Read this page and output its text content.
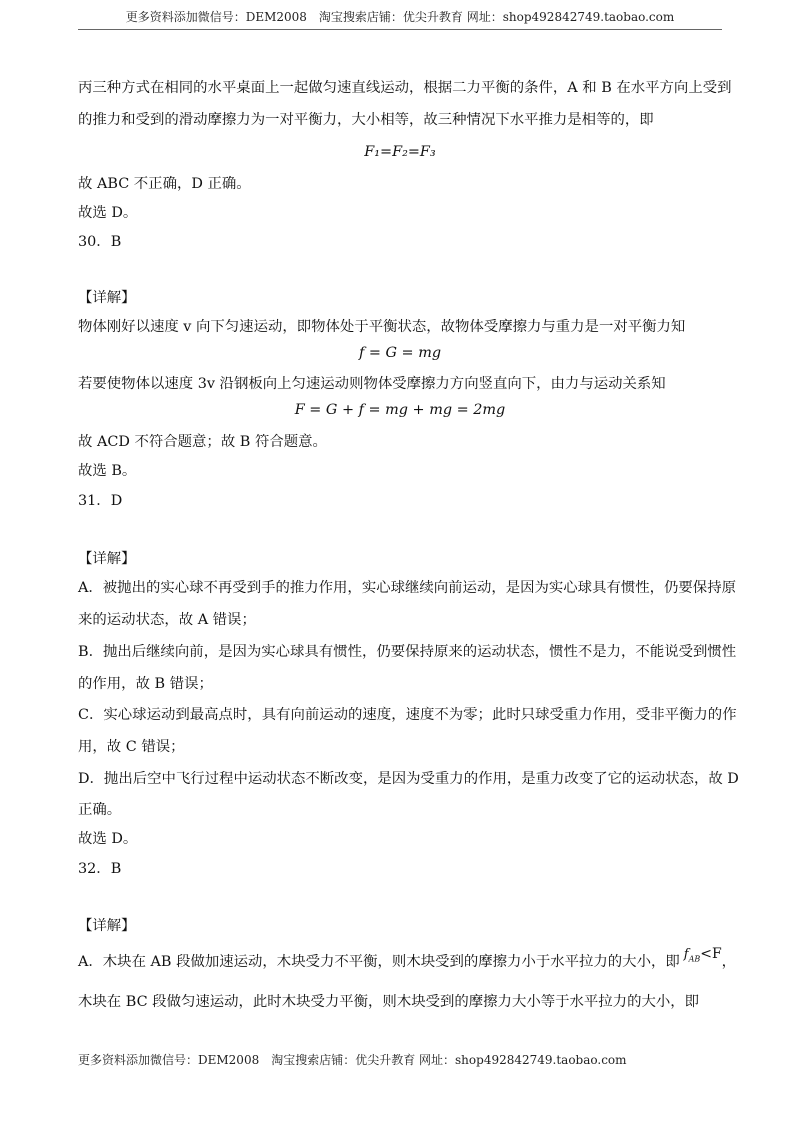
更多资料添加微信号：DEM2008　淘宝搜索店铺：优尖升教育 网址：shop492842749.taobao.com
丙三种方式在相同的水平桌面上一起做匀速直线运动，根据二力平衡的条件，A 和 B 在水平方向上受到
的推力和受到的滑动摩擦力为一对平衡力，大小相等，故三种情况下水平推力是相等的，即
F₁=F₂=F₃
故 ABC 不正确，D 正确。
故选 D。
30．B
【详解】
物体刚好以速度 v 向下匀速运动，即物体处于平衡状态，故物体受摩擦力与重力是一对平衡力知
f = G = mg
若要使物体以速度 3v 沿钢板向上匀速运动则物体受摩擦力方向竖直向下，由力与运动关系知
F = G + f = mg + mg = 2mg
故 ACD 不符合题意；故 B 符合题意。
故选 B。
31．D
【详解】
A．被抛出的实心球不再受到手的推力作用，实心球继续向前运动，是因为实心球具有惯性，仍要保持原
来的运动状态，故 A 错误；
B．抛出后继续向前，是因为实心球具有惯性，仍要保持原来的运动状态，惯性不是力，不能说受到惯性
的作用，故 B 错误；
C．实心球运动到最高点时，具有向前运动的速度，速度不为零；此时只球受重力作用，受非平衡力的作
用，故 C 错误；
D．抛出后空中飞行过程中运动状态不断改变，是因为受重力的作用，是重力改变了它的运动状态，故 D
正确。
故选 D。
32．B
【详解】
A．木块在 AB 段做加速运动，木块受力不平衡，则木块受到的摩擦力小于水平拉力的大小，即 $f_{AB}<F$，
木块在 BC 段做匀速运动，此时木块受力平衡，则木块受到的摩擦力大小等于水平拉力的大小，即
更多资料添加微信号：DEM2008　淘宝搜索店铺：优尖升教育 网址：shop492842749.taobao.com
